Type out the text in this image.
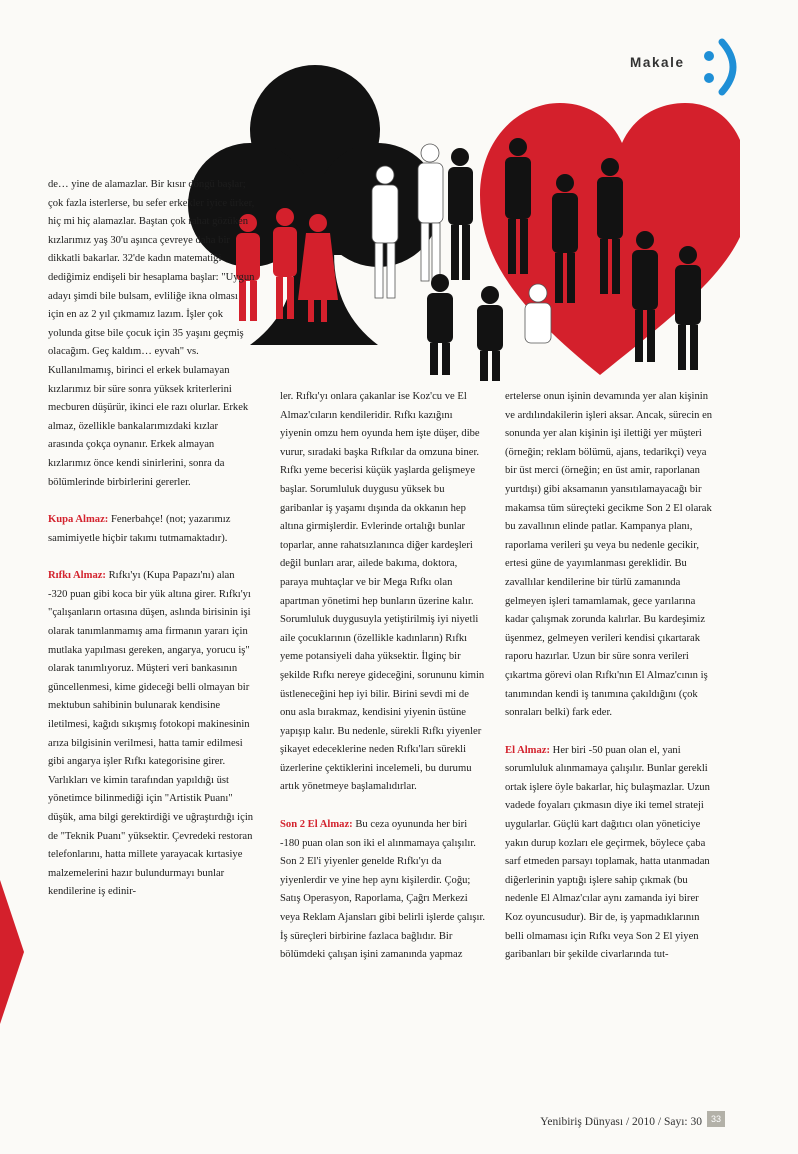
Makale

de… yine de alamazlar. Bir kısır döngü başlar; çok fazla isterlerse, bu sefer erkekler iyice ürker, hiç mi hiç alamazlar. Baştan çok rahat gözüken kızlarımız yaş 30'u aşınca çevreye daha bir dikkatli bakarlar. 32'de kadın matematiği dediğimiz endişeli bir hesaplama başlar: "Uygun adayı şimdi bile bulsam, evliliğe ikna olması için en az 2 yıl çıkmamız lazım. İşler çok yolunda gitse bile çocuk için 35 yaşını geçmiş olacağım. Geç kaldım… eyvah" vs. Kullanılmamış, birinci el erkek bulamayan kızlarımız bir süre sonra yüksek kriterlerini mecburen düşürür, ikinci ele razı olurlar. Erkek almaz, özellikle bankalarımızdaki kızlar arasında çokça oynanır. Erkek almayan kızlarımız önce kendi sinirlerini, sonra da bölümlerinde birbirlerini gererler.

Kupa Almaz: Fenerbahçe! (not; yazarımız samimiyetle hiçbir takımı tutmamaktadır).

Rıfkı Almaz: Rıfkı'yı (Kupa Papazı'nı) alan -320 puan gibi koca bir yük altına girer. Rıfkı'yı "çalışanların ortasına düşen, aslında birisinin işi olarak tanımlanmamış ama firmanın yararı için mutlaka yapılması gereken, angarya, yorucu iş" olarak tanımlıyoruz. Müşteri veri bankasının güncellenmesi, kime gideceği belli olmayan bir mektubun sahibinin bulunarak kendisine iletilmesi, kağıdı sıkışmış fotokopi makinesinin arıza bilgisinin verilmesi, hatta tamir edilmesi gibi angarya işler Rıfkı kategorisine girer. Varlıkları ve kimin tarafından yapıldığı üst yönetimce bilinmediği için "Artistik Puanı" düşük, ama bilgi gerektirdiği ve uğraştırdığı için de "Teknik Puanı" yüksektir. Çevredeki restoran telefonlarını, hatta millete yarayacak kırtasiye malzemelerini hazır bulundurmayı bunlar kendilerine iş edinir-

ler. Rıfkı'yı onlara çakanlar ise Koz'cu ve El Almaz'cıların kendileridir. Rıfkı kazığını yiyenin omzu hem oyunda hem işte düşer, dibe vurur, sıradaki başka Rıfkılar da omzuna biner.

Rıfkı yeme becerisi küçük yaşlarda gelişmeye başlar. Sorumluluk duygusu yüksek bu garibanlar iş yaşamı dışında da okkanın hep altına girmişlerdir. Evlerinde ortalığı bunlar toparlar, anne rahatsızlanınca diğer kardeşleri değil bunları arar, ailede bakıma, doktora, paraya muhtaçlar ve bir Mega Rıfkı olan apartman yönetimi hep bunların üzerine kalır. Sorumluluk duygusuyla yetiştirilmiş iyi niyetli aile çocuklarının (özellikle kadınların) Rıfkı yeme potansiyeli daha yüksektir. İlginç bir şekilde Rıfkı nereye gideceğini, sorununu kimin üstleneceğini hep iyi bilir. Birini sevdi mi de onu asla bırakmaz, kendisini yiyenin üstüne yapışıp kalır. Bu nedenle, sürekli Rıfkı yiyenler şikayet edeceklerine neden Rıfkı'ları sürekli üzerlerine çektiklerini incelemeli, bu durumu artık yönetmeye başlamalıdırlar.

Son 2 El Almaz: Bu ceza oyununda her biri -180 puan olan son iki el alınmamaya çalışılır. Son 2 El'i yiyenler genelde Rıfkı'yı da yiyenlerdir ve yine hep aynı kişilerdir. Çoğu; Satış Operasyon, Raporlama, Çağrı Merkezi veya Reklam Ajansları gibi belirli işlerde çalışır. İş süreçleri birbirine fazlaca bağlıdır. Bir bölümdeki çalışan işini zamanında yapmaz

ertelerse onun işinin devamında yer alan kişinin ve ardılındakilerin işleri aksar. Ancak, sürecin en sonunda yer alan kişinin işi ilettiği yer müşteri (örneğin; reklam bölümü, ajans, tedarikçi) veya bir üst merci (örneğin; en üst amir, raporlanan yurtdışı) gibi aksamanın yansıtılamayacağı bir makamsa tüm süreçteki gecikme Son 2 El olarak bu zavallının elinde patlar. Kampanya planı, raporlama verileri şu veya bu nedenle gecikir, ertesi güne de yayımlanması gereklidir. Bu zavallılar kendilerine bir türlü zamanında gelmeyen işleri tamamlamak, gece yarılarına kadar çalışmak zorunda kalırlar. Bu kardeşimiz üşenmez, gelmeyen verileri kendisi çıkartarak raporu hazırlar. Uzun bir süre sonra verileri çıkartma görevi olan Rıfkı'nın El Almaz'cının iş tanımından kendi iş tanımına çakıldığını (çok sonraları belki) fark eder.

El Almaz: Her biri -50 puan olan el, yani sorumluluk alınmamaya çalışılır. Bunlar gerekli ortak işlere öyle bakarlar, hiç bulaşmazlar. Uzun vadede foyaları çıkmasın diye iki temel strateji uygularlar. Güçlü kart dağıtıcı olan yöneticiye yakın durup kozları ele geçirmek, böylece çaba sarf etmeden parsayı toplamak, hatta utanmadan diğerlerinin yaptığı işlere sahip çıkmak (bu nedenle El Almaz'cılar aynı zamanda iyi birer Koz oyuncusudur). Bir de, iş yapmadıklarının belli olmaması için Rıfkı veya Son 2 El yiyen garibanları bir şekilde civarlarında tut-

Yenibiriş Dünyası / 2010 / Sayı: 30 33
